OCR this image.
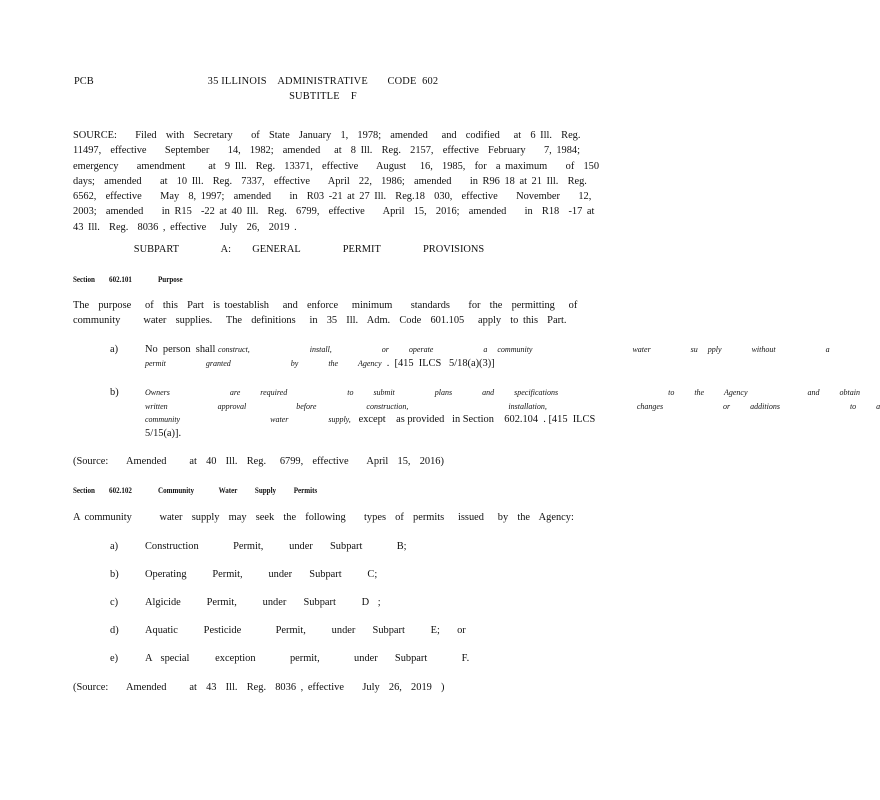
PCB	35 ILLINOIS    ADMINISTRATIVE       CODE  602
SUBTITLE    F
SOURCE:    Filed  with  Secretary    of  State  January  1,  1978;  amended   and  codified   at  6 Ill.  Reg.
11497,  effective    September    14,  1982;  amended   at  8 Ill.  Reg.  2157,  effective  February    7, 1984;
emergency    amendment     at  9 Ill.  Reg.  13371,  effective    August   16,  1985,  for  a maximum    of  150
days;  amended    at  10 Ill.  Reg.  7337,  effective    April  22,  1986;  amended    in R96 18 at 21 Ill.  Reg.
6562,  effective    May  8, 1997;  amended    in  R03 -21 at 27 Ill.  Reg.18  030,  effective    November    12,
2003;  amended    in R15  -22 at 40 Ill.  Reg.  6799,  effective    April  15,  2016;  amended    in  R18  -17 at
43 Ill.  Reg.  8036 , effective   July  26,  2019 .
SUBPART    A:  GENERAL    PERMIT    PROVISIONS
Section        602.101	Purpose
The  purpose   of  this  Part  is toestablish   and  enforce   minimum    standards    for  the  permitting   of
community     water  supplies.   The  definitions   in  35  Ill.  Adm.  Code  601.105   apply  to this  Part.
a)	No  person  shall construct,      install,     or  operate     a community          water    su pply   without     a
permit    granted      by   the  Agency  .  [415  ILCS   5/18(a)(3)]
b)	Owners      are  required      to  submit    plans   and  specifications           to  the  Agency      and  obtain
written     approval     before     construction,          installation,         changes      or  additions       to  a
community         water    supply,   except    as provided   in Section    602.104  . [415  ILCS
5/15(a)].
(Source:    Amended     at  40  Ill.  Reg.   6799,  effective    April  15,  2016)
Section        602.102	Community              Water          Supply          Permits
A community      water  supply  may  seek  the  following    types  of  permits   issued   by  the  Agency:
a)	Construction    Permit,   under  Subpart    B;
b)	Operating   Permit,   under  Subpart   C;
c)	Algicide   Permit,   under  Subpart   D ;
d)	Aquatic   Pesticide    Permit,   under  Subpart   E;  or
e)	A special   exception    permit,    under  Subpart    F.
(Source:    Amended     at  43  Ill.  Reg.  8036 , effective    July  26,  2019  )
